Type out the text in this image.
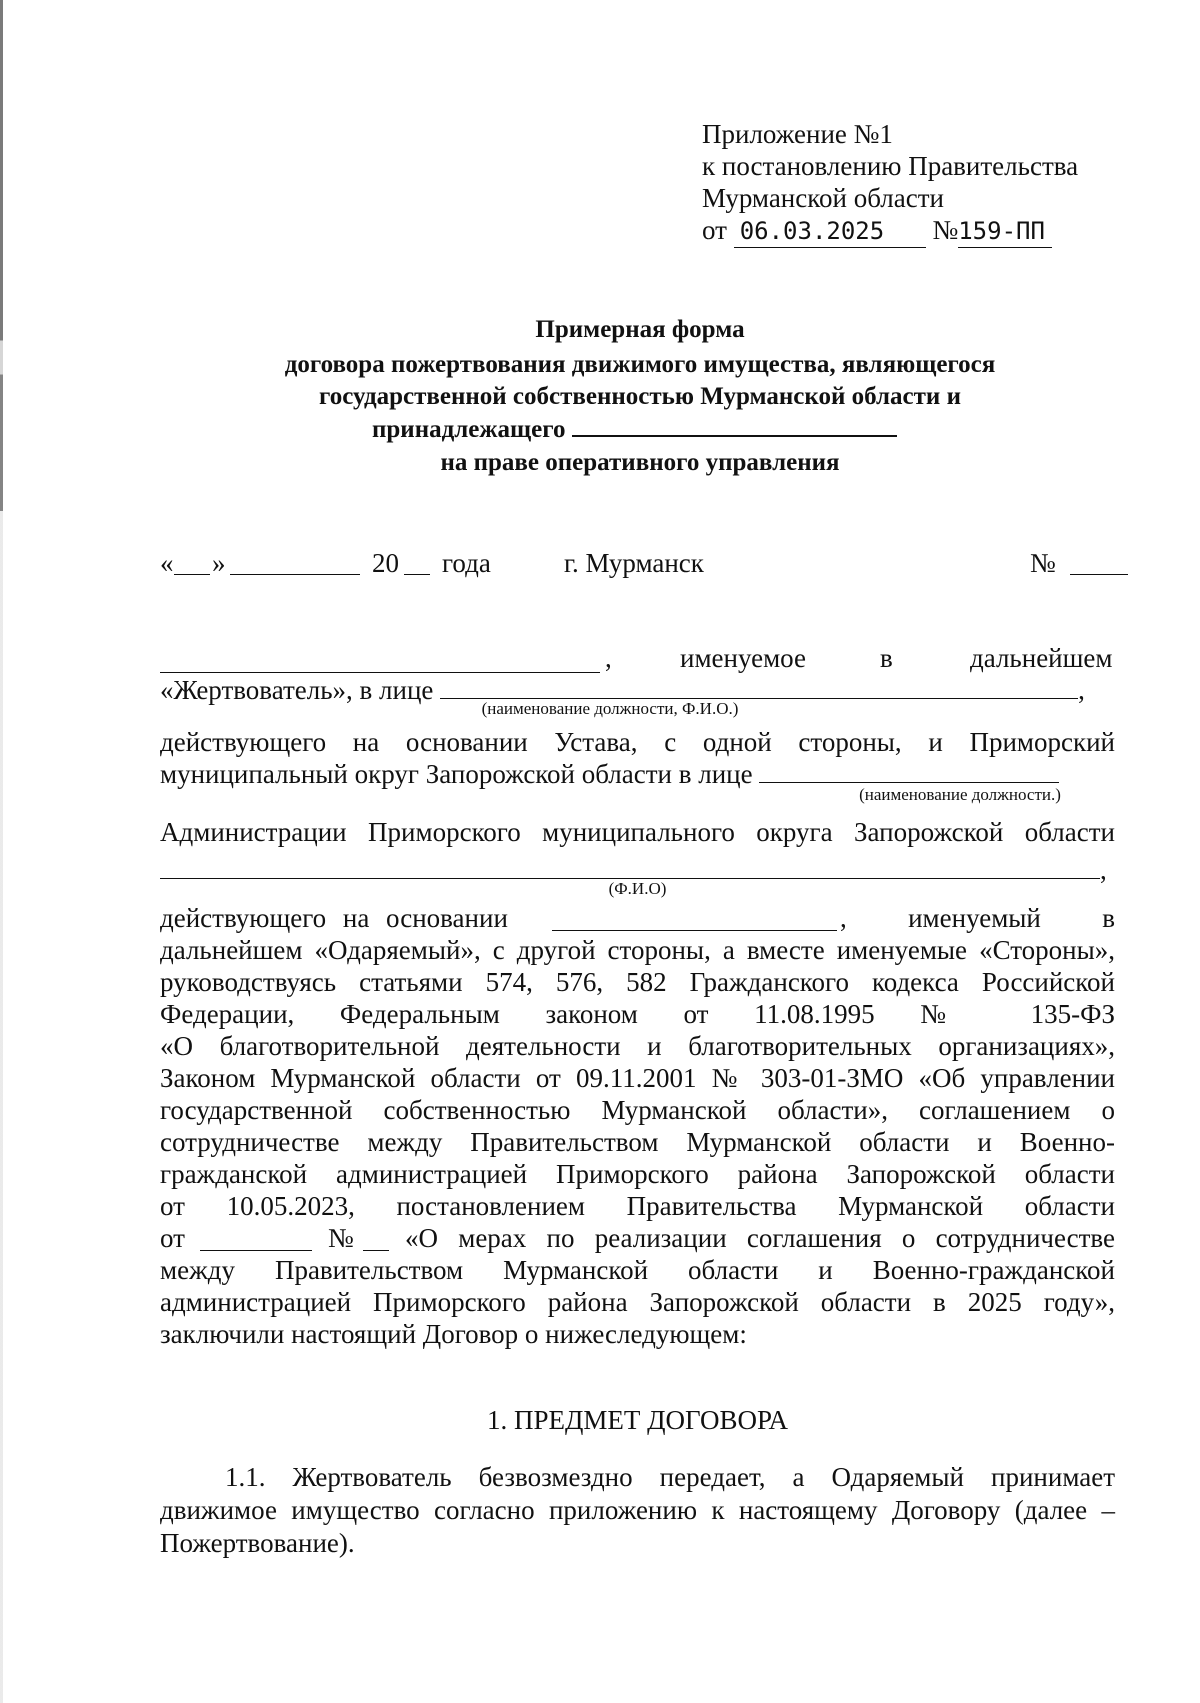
Приложение №1
к постановлению Правительства
Мурманской области
от 06.03.2025 №159-ПП
Примерная форма
договора пожертвования движимого имущества, являющегося
государственной собственностью Мурманской области и
принадлежащего
на праве оперативного управления
« »	20 года	г. Мурманск	№
,	именуемое	в	дальнейшем
«Жертвователь», в лице	,
(наименование должности, Ф.И.О.)
действующего на основании Устава, с одной стороны, и Приморский
муниципальный округ Запорожской области в лице
(наименование должности.)
Администрации Приморского муниципального округа Запорожской области
,
(Ф.И.О)
действующего на основании	, именуемый в
дальнейшем «Одаряемый», с другой стороны, а вместе именуемые «Стороны»,
руководствуясь статьями 574, 576, 582 Гражданского кодекса Российской
Федерации, Федеральным законом от 11.08.1995 № 135-ФЗ
«О благотворительной деятельности и благотворительных организациях»,
Законом Мурманской области от 09.11.2001 № 303-01-ЗМО «Об управлении
государственной собственностью Мурманской области», соглашением о
сотрудничестве между Правительством Мурманской области и Военно-
гражданской администрацией Приморского района Запорожской области
от 10.05.2023, постановлением Правительства Мурманской области
от	№ «О мерах по реализации соглашения о сотрудничестве
между Правительством Мурманской области и Военно-гражданской
администрацией Приморского района Запорожской области в 2025 году»,
заключили настоящий Договор о нижеследующем:
1. ПРЕДМЕТ ДОГОВОРА
1.1. Жертвователь безвозмездно передает, а Одаряемый принимает движимое имущество согласно приложению к настоящему Договору (далее – Пожертвование).
